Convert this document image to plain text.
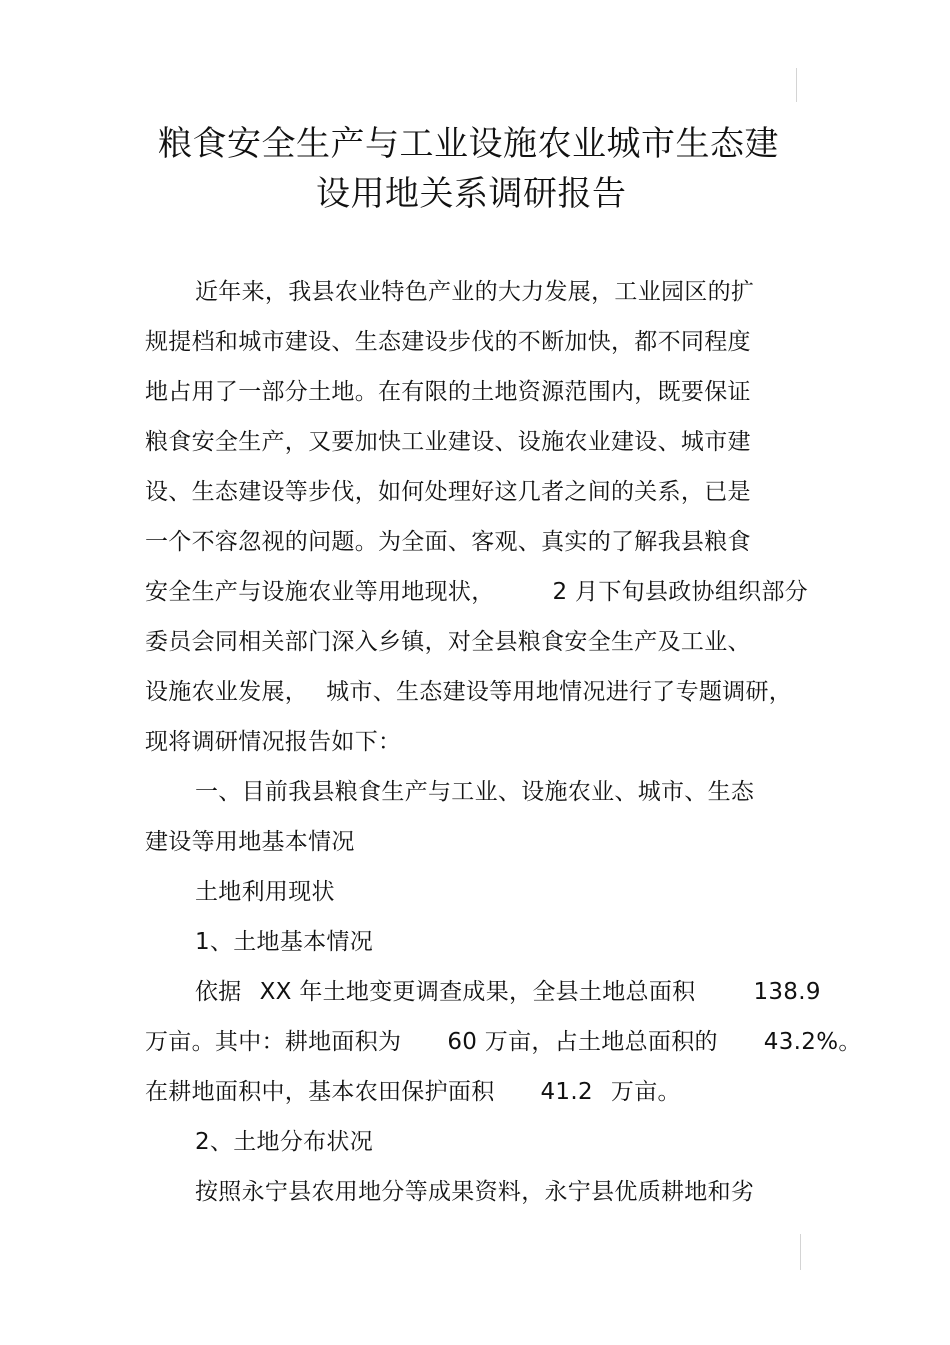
粮食安全生产与工业设施农业城市生态建
设用地关系调研报告
近年来，我县农业特色产业的大力发展，工业园区的扩
规提档和城市建设、生态建设步伐的不断加快，都不同程度
地占用了一部分土地。在有限的土地资源范围内，既要保证
粮食安全生产，又要加快工业建设、设施农业建设、城市建
设、生态建设等步伐，如何处理好这几者之间的关系，已是
一个不容忽视的问题。为全面、客观、真实的了解我县粮食
安全生产与设施农业等用地现状，	2 月下旬县政协组织部分
委员会同相关部门深入乡镇，对全县粮食安全生产及工业、
设施农业发展， 城市、生态建设等用地情况进行了专题调研，
现将调研情况报告如下：
一、目前我县粮食生产与工业、设施农业、城市、生态
建设等用地基本情况
土地利用现状
1、土地基本情况
依据 XX 年土地变更调查成果，全县土地总面积	138.9
万亩。其中：耕地面积为 60 万亩，占土地总面积的 43.2%。
在耕地面积中，基本农田保护面积 41.2 万亩。
2、土地分布状况
按照永宁县农用地分等成果资料，永宁县优质耕地和劣
